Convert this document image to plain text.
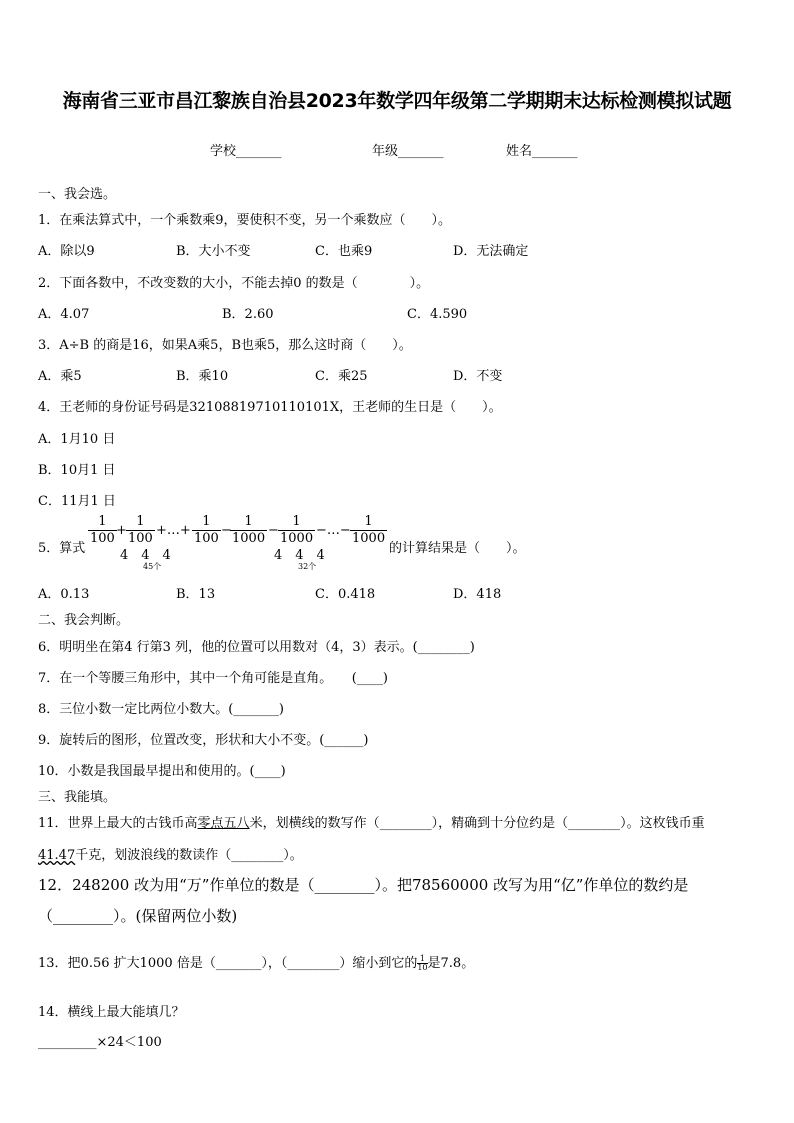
海南省三亚市昌江黎族自治县2023年数学四年级第二学期期末达标检测模拟试题
学校_______	年级_______	姓名_______
一、我会选。
1．在乘法算式中，一个乘数乘9，要使积不变，另一个乘数应（　　）。
A．除以9	B．大小不变	C．也乘9	D．无法确定
2．下面各数中，不改变数的大小，不能去掉0 的数是（　　　　）。
A．4.07	B．2.60	C．4.590
3．A÷B 的商是16，如果A乘5，B也乘5，那么这时商（　　）。
A．乘5	B．乘10	C．乘25	D．不变
4．王老师的身份证号码是321088197101101​01X，王老师的生日是（　　）。
A．1月10 日
B．10月1 日
C．11月1 日
5．算式
1
100
+
1
100
+…+
1
100
−
1
1000
−
1
1000
−…−
1
1000
4　4　4	4　4　4
45个	32个
的计算结果是（　　）。
A．0.13	B．13	C．0.418	D．418
二、我会判断。
6．明明坐在第4 行第3 列，他的位置可以用数对（4，3）表示。(________)
7．在一个等腰三角形中，其中一个角可能是直角。　　(____)
8．三位小数一定比两位小数大。(_______)
9．旋转后的图形，位置改变，形状和大小不变。(______)
10．小数是我国最早提出和使用的。(____)
三、我能填。
11．世界上最大的古钱币高零点五八米，划横线的数写作（________），精确到十分位约是（________）。这枚钱币重
41.47千克，划波浪线的数读作（________）。
12．248200 改为用“万”作单位的数是（________）。把78560000 改写为用“亿”作单位的数约是
（________）。(保留两位小数)
13．把0.56 扩大1000 倍是（_______），（________）缩小到它的$\frac{1}{10}$是7.8。
14．横线上最大能填几？
_________×24＜100
